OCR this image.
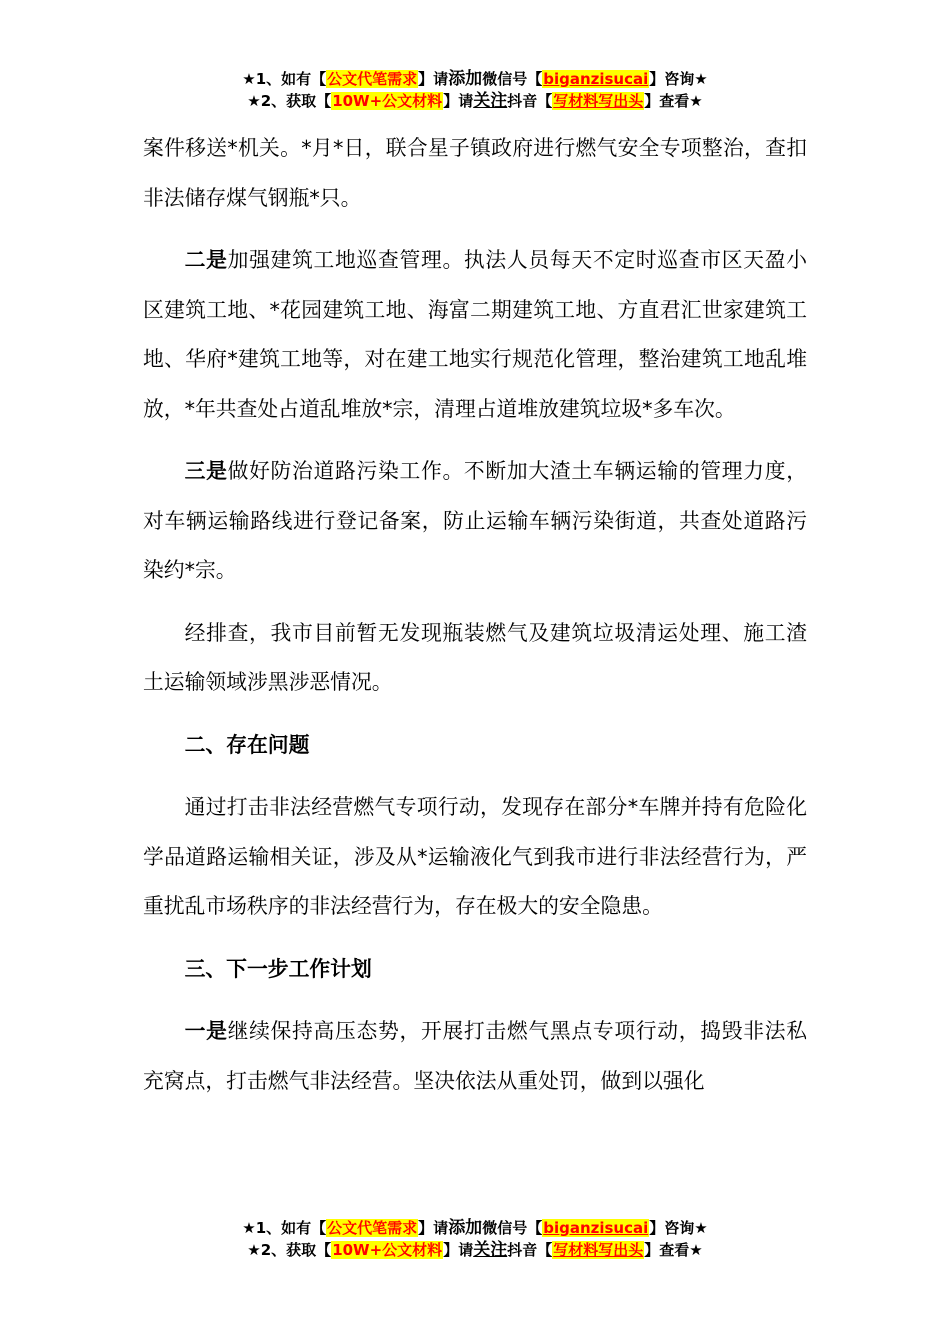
★1、如有【公文代笔需求】请添加微信号【biganzisucai】咨询★
★2、获取【10W+公文材料】请关注抖音【写材料写出头】查看★

案件移送*机关。*月*日，联合星子镇政府进行燃气安全专项整治，查扣非法储存煤气钢瓶*只。

二是加强建筑工地巡查管理。执法人员每天不定时巡查市区天盈小区建筑工地、*花园建筑工地、海富二期建筑工地、方直君汇世家建筑工地、华府*建筑工地等，对在建工地实行规范化管理，整治建筑工地乱堆放，*年共查处占道乱堆放*宗，清理占道堆放建筑垃圾*多车次。

三是做好防治道路污染工作。不断加大渣土车辆运输的管理力度，对车辆运输路线进行登记备案，防止运输车辆污染街道，共查处道路污染约*宗。

经排查，我市目前暂无发现瓶装燃气及建筑垃圾清运处理、施工渣土运输领域涉黑涉恶情况。

二、存在问题

通过打击非法经营燃气专项行动，发现存在部分*车牌并持有危险化学品道路运输相关证，涉及从*运输液化气到我市进行非法经营行为，严重扰乱市场秩序的非法经营行为，存在极大的安全隐患。

三、下一步工作计划

一是继续保持高压态势，开展打击燃气黑点专项行动，捣毁非法私充窝点，打击燃气非法经营。坚决依法从重处罚，做到以强化

★1、如有【公文代笔需求】请添加微信号【biganzisucai】咨询★
★2、获取【10W+公文材料】请关注抖音【写材料写出头】查看★
